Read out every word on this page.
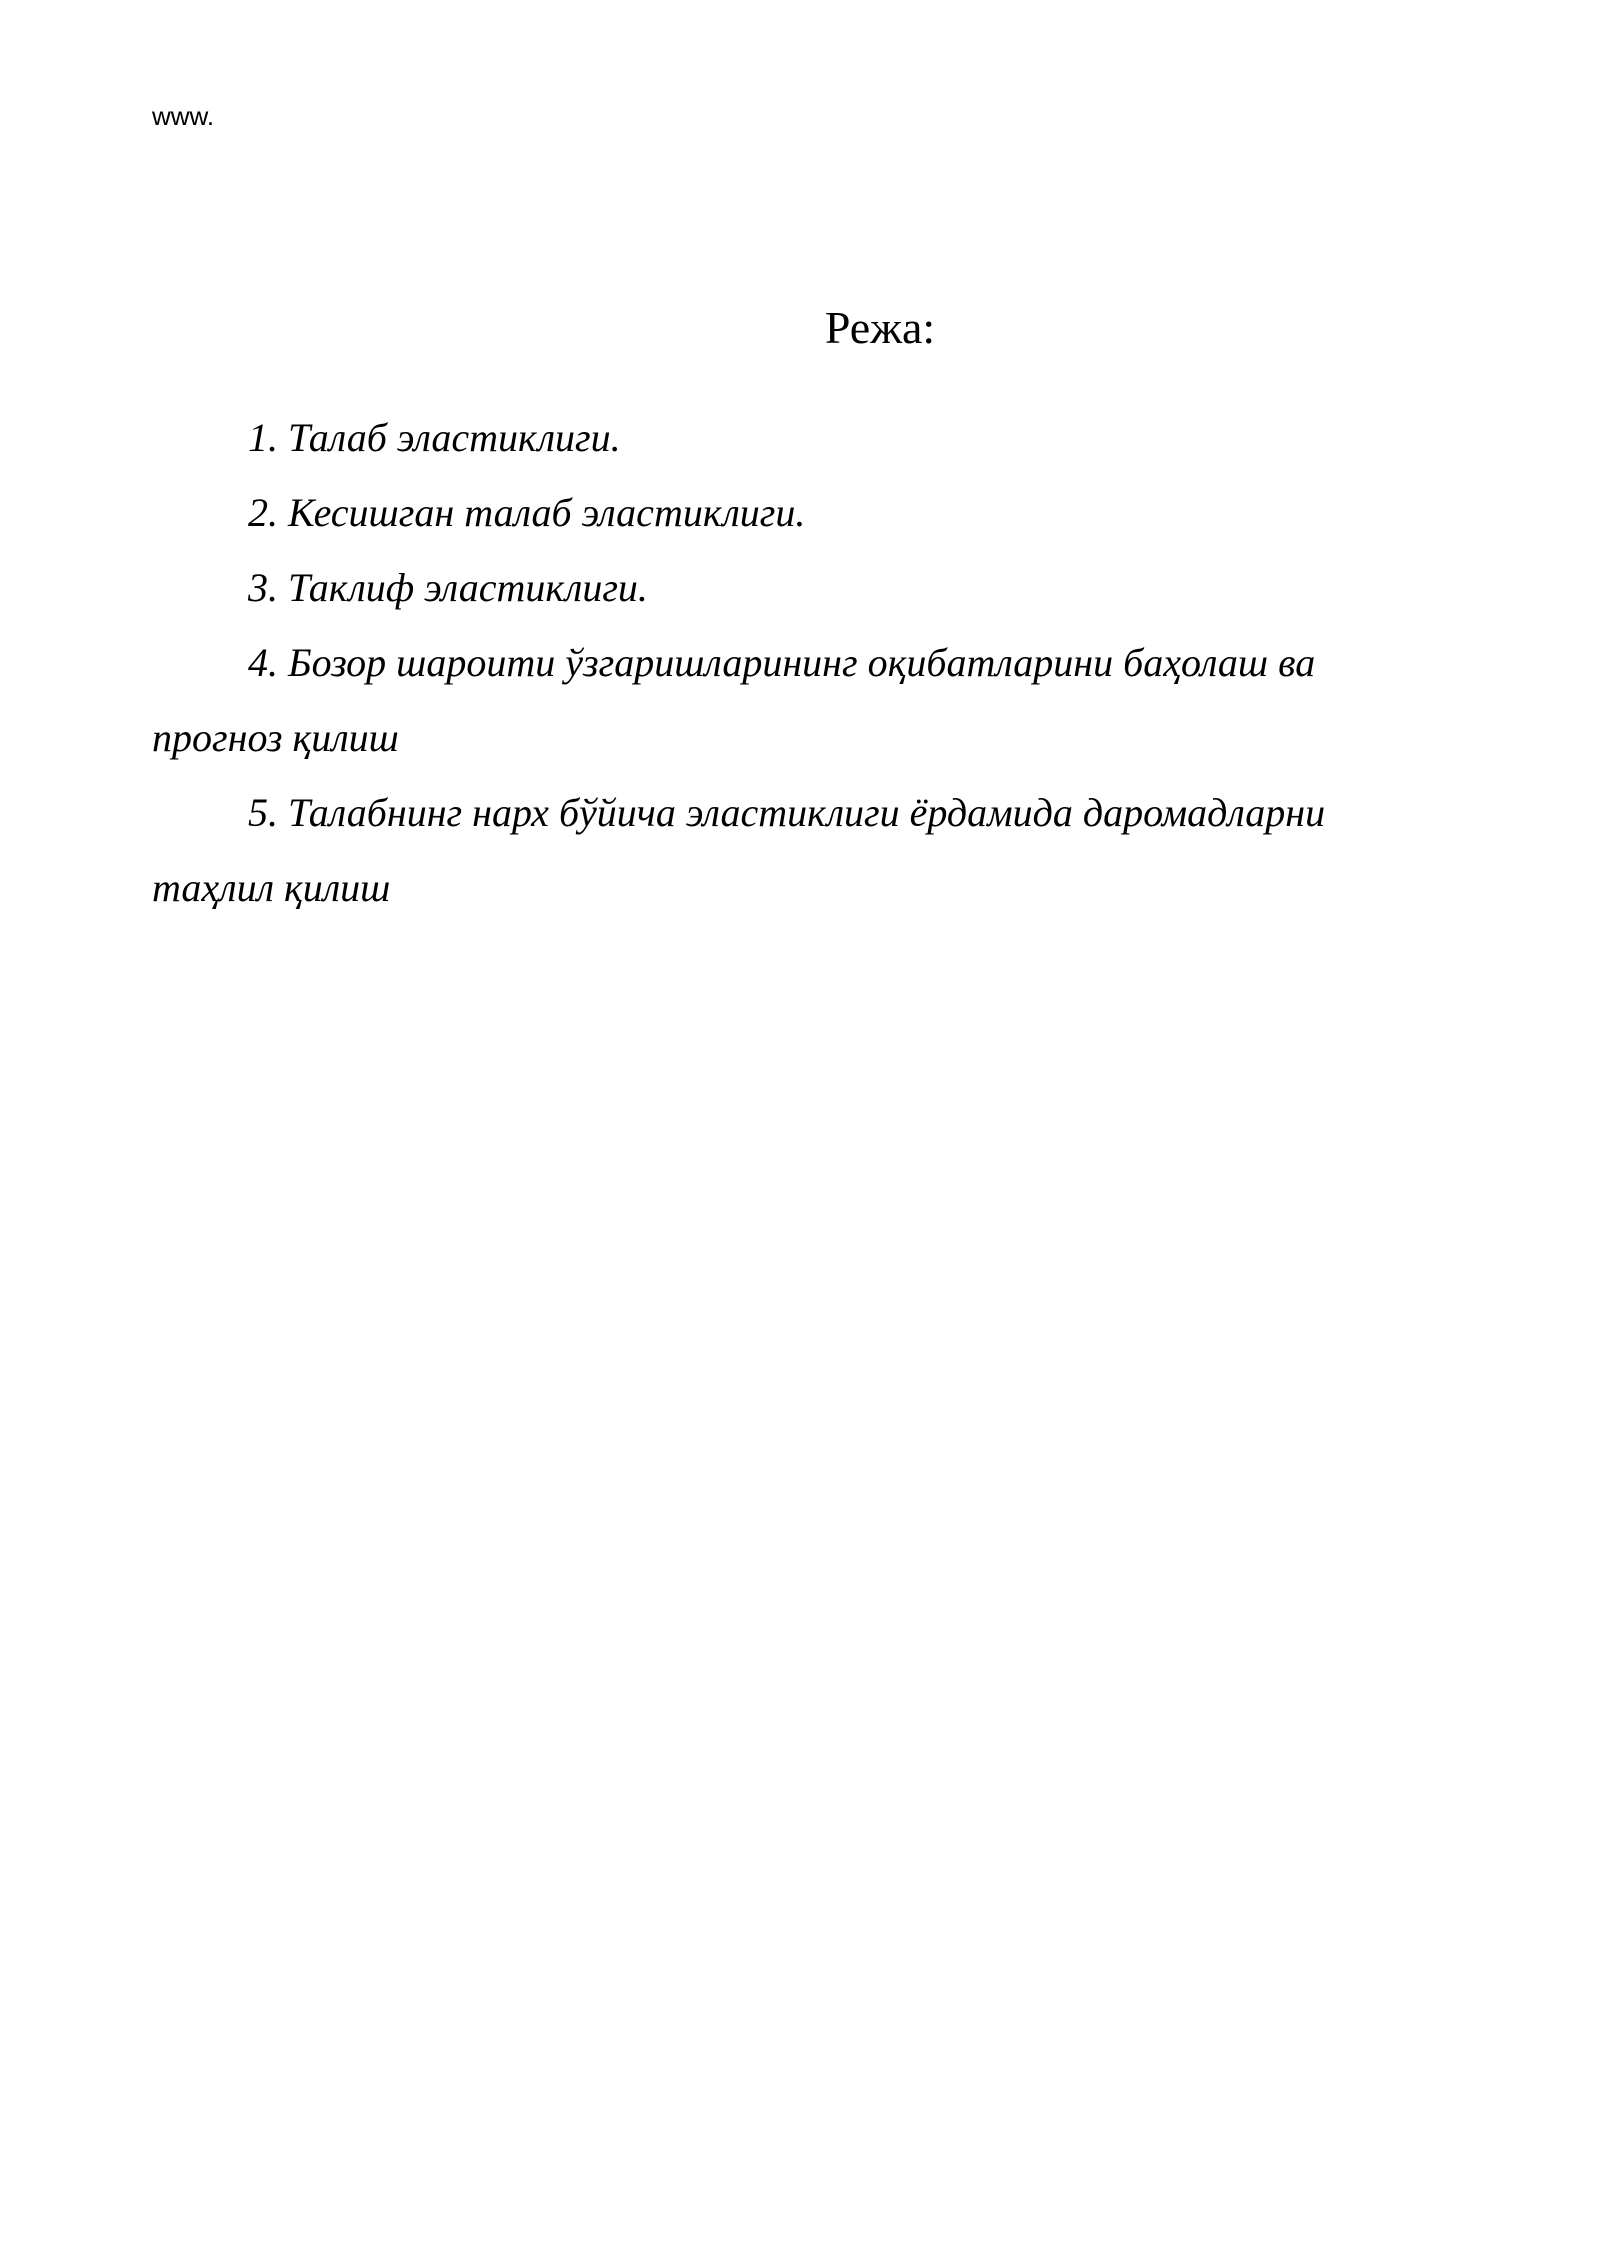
www.
Режа:

1. Талаб эластиклиги.

2. Кесишган талаб эластиклиги.

3. Таклиф эластиклиги.

4. Бозор шароити ўзгаришларининг оқибатларини баҳолаш ва прогноз қилиш

5. Талабнинг нарх бўйича эластиклиги ёрдамида даромадларни таҳлил қилиш
